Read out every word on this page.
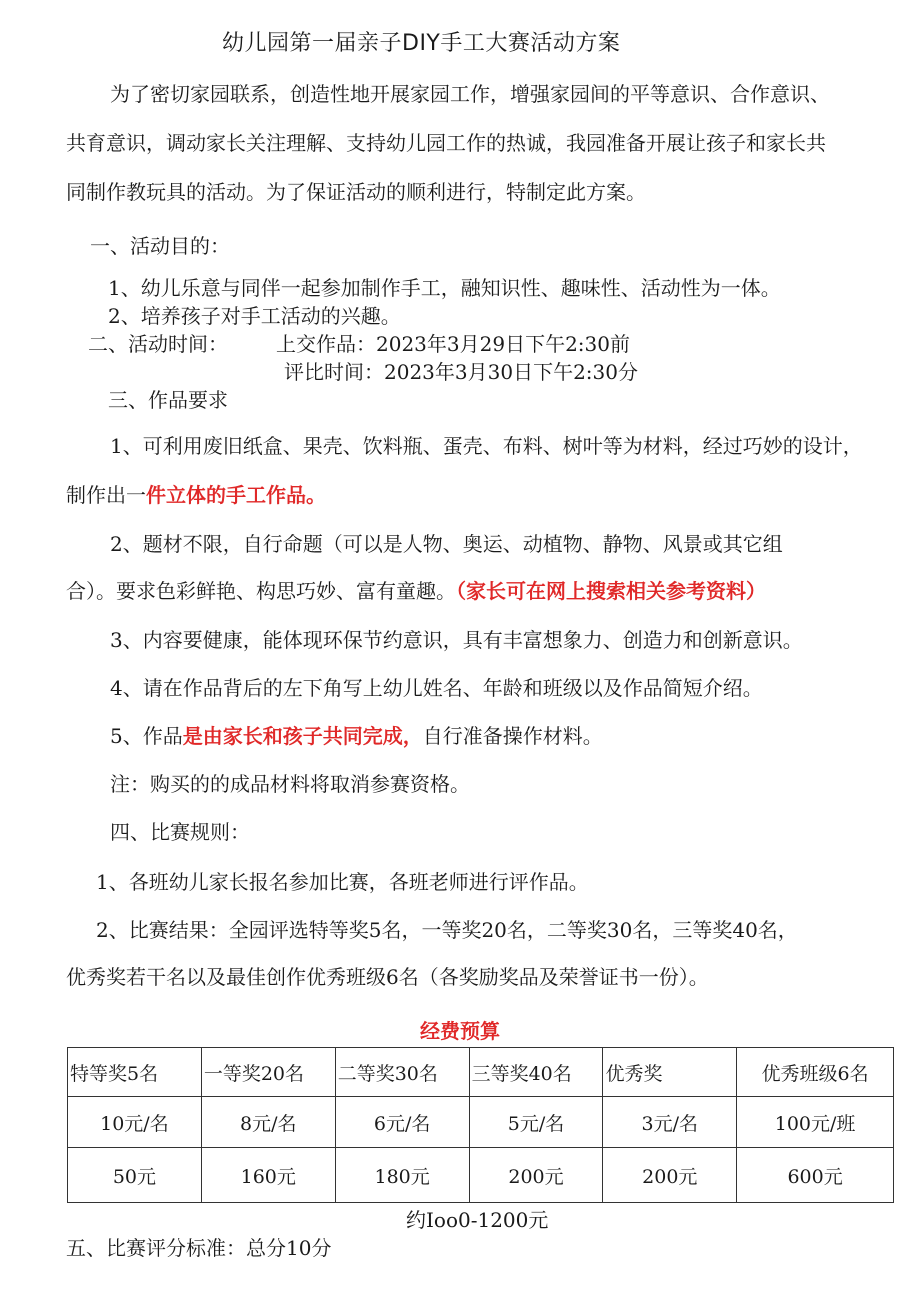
幼儿园第一届亲子DIY手工大赛活动方案
为了密切家园联系，创造性地开展家园工作，增强家园间的平等意识、合作意识、
共育意识，调动家长关注理解、支持幼儿园工作的热诚，我园准备开展让孩子和家长共
同制作教玩具的活动。为了保证活动的顺利进行，特制定此方案。
一、活动目的：
1、幼儿乐意与同伴一起参加制作手工，融知识性、趣味性、活动性为一体。
2、培养孩子对手工活动的兴趣。
二、活动时间： 上交作品：2023年3月29日下午2:30前
评比时间：2023年3月30日下午2:30分
三、作品要求
1、可利用废旧纸盒、果壳、饮料瓶、蛋壳、布料、树叶等为材料，经过巧妙的设计，
制作出一件立体的手工作品。
2、题材不限，自行命题（可以是人物、奥运、动植物、静物、风景或其它组
合）。要求色彩鲜艳、构思巧妙、富有童趣。（家长可在网上搜索相关参考资料）
3、内容要健康，能体现环保节约意识，具有丰富想象力、创造力和创新意识。
4、请在作品背后的左下角写上幼儿姓名、年龄和班级以及作品简短介绍。
5、作品是由家长和孩子共同完成，自行准备操作材料。
注：购买的的成品材料将取消参赛资格。
四、比赛规则：
1、各班幼儿家长报名参加比赛，各班老师进行评作品。
2、比赛结果：全园评选特等奖5名，一等奖20名，二等奖30名，三等奖40名，
优秀奖若干名以及最佳创作优秀班级6名（各奖励奖品及荣誉证书一份）。
经费预算
特等奖5名	一等奖20名	二等奖30名	三等奖40名	优秀奖	优秀班级6名
10元/名	8元/名	6元/名	5元/名	3元/名	100元/班
50元	160元	180元	200元	200元	600元
约Ioo0-1200元
五、比赛评分标准：总分10分
